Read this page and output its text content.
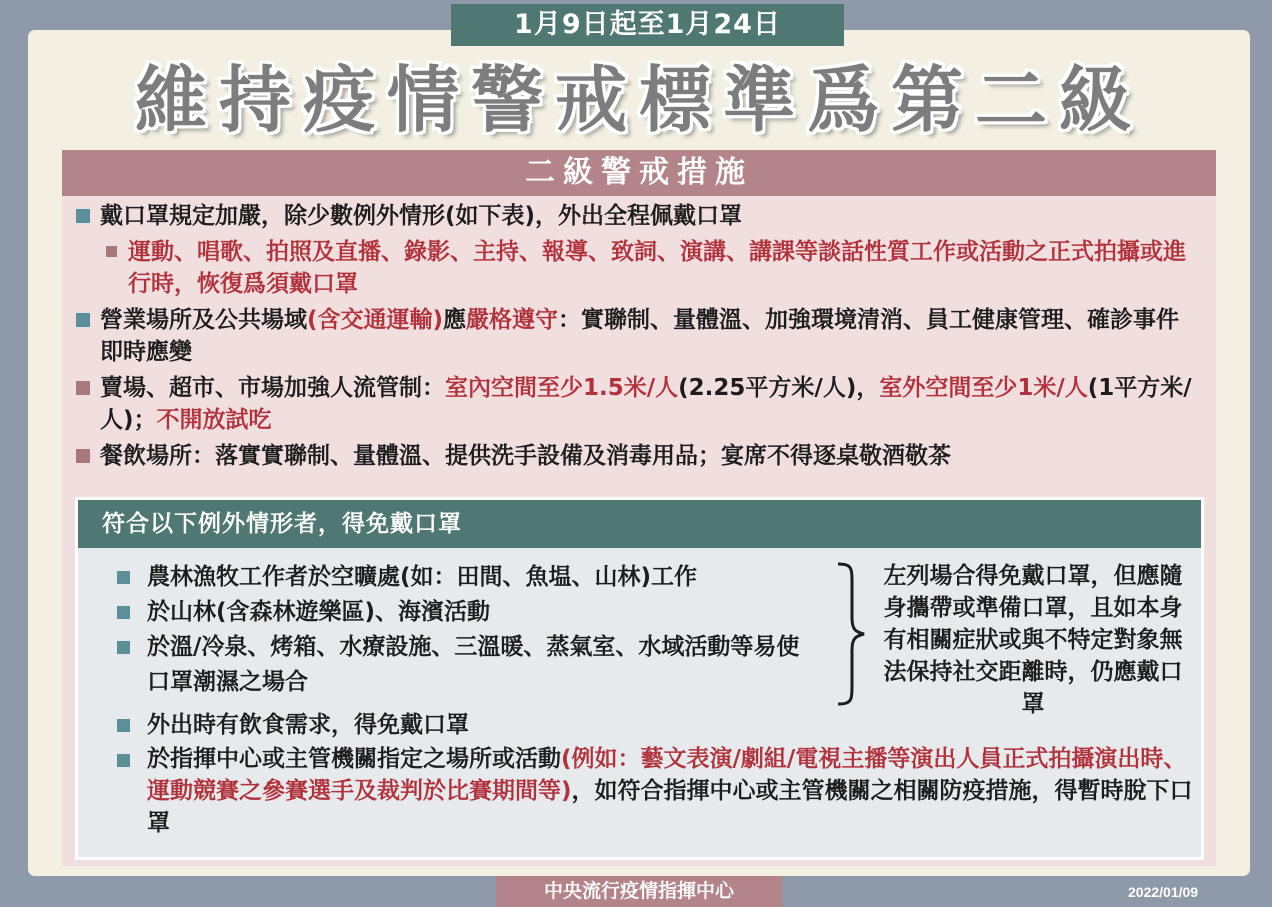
1月9日起至1月24日
維持疫情警戒標準爲第二級
二級警戒措施
戴口罩規定加嚴，除少數例外情形(如下表)，外出全程佩戴口罩
運動、唱歌、拍照及直播、錄影、主持、報導、致詞、演講、講課等談話性質工作或活動之正式拍攝或進行時，恢復爲須戴口罩
營業場所及公共場域(含交通運輸)應嚴格遵守：實聯制、量體溫、加強環境清消、員工健康管理、確診事件即時應變
賣場、超市、市場加強人流管制：室內空間至少1.5米/人(2.25平方米/人)，室外空間至少1米/人(1平方米/人)；不開放試吃
餐飲場所：落實實聯制、量體溫、提供洗手設備及消毒用品；宴席不得逐桌敬酒敬茶
符合以下例外情形者，得免戴口罩
農林漁牧工作者於空曠處(如：田間、魚塭、山林)工作
於山林(含森林遊樂區)、海濱活動
於溫/冷泉、烤箱、水療設施、三溫暖、蒸氣室、水域活動等易使口罩潮濕之場合
外出時有飲食需求，得免戴口罩
於指揮中心或主管機關指定之場所或活動(例如：藝文表演/劇組/電視主播等演出人員正式拍攝演出時、運動競賽之參賽選手及裁判於比賽期間等)，如符合指揮中心或主管機關之相關防疫措施，得暫時脫下口罩
左列場合得免戴口罩，但應隨身攜帶或準備口罩，且如本身有相關症狀或與不特定對象無法保持社交距離時，仍應戴口罩
中央流行疫情指揮中心	2022/01/09
